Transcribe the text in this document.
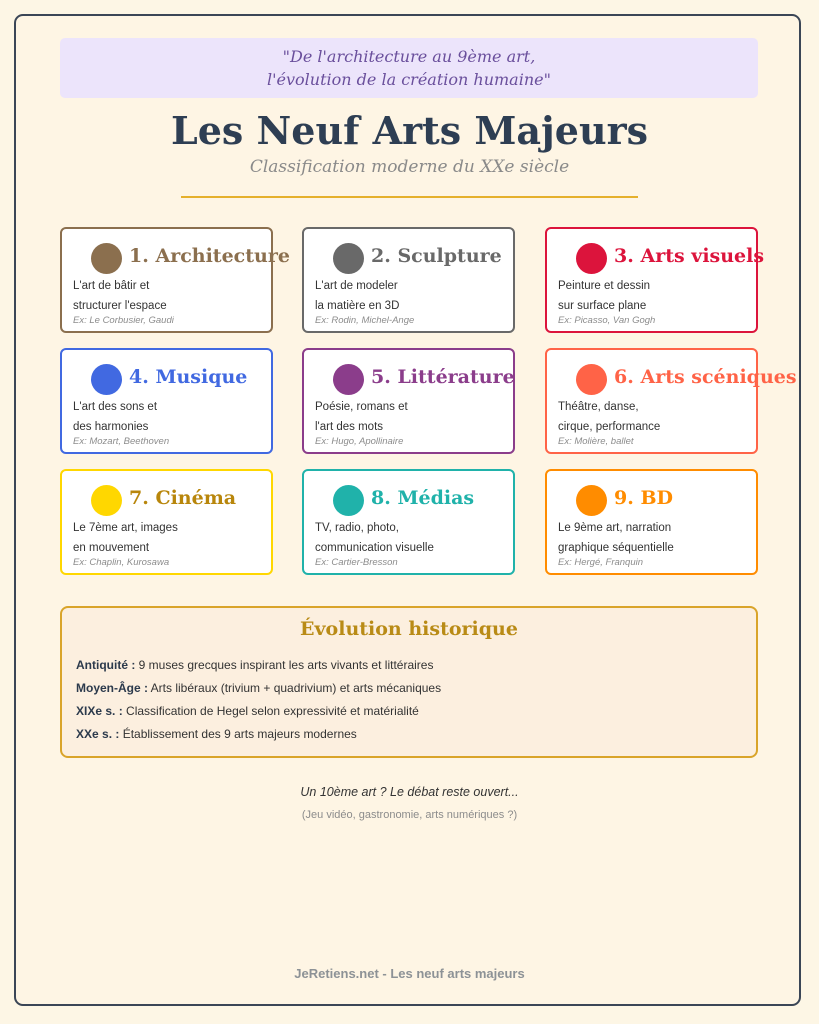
"De l'architecture au 9ème art,
l'évolution de la création humaine"
Les Neuf Arts Majeurs
Classification moderne du XXe siècle
1. Architecture
L'art de bâtir et
structurer l'espace
Ex: Le Corbusier, Gaudi
2. Sculpture
L'art de modeler
la matière en 3D
Ex: Rodin, Michel-Ange
3. Arts visuels
Peinture et dessin
sur surface plane
Ex: Picasso, Van Gogh
4. Musique
L'art des sons et
des harmonies
Ex: Mozart, Beethoven
5. Littérature
Poésie, romans et
l'art des mots
Ex: Hugo, Apollinaire
6. Arts scéniques
Théâtre, danse,
cirque, performance
Ex: Molière, ballet
7. Cinéma
Le 7ème art, images
en mouvement
Ex: Chaplin, Kurosawa
8. Médias
TV, radio, photo,
communication visuelle
Ex: Cartier-Bresson
9. BD
Le 9ème art, narration
graphique séquentielle
Ex: Hergé, Franquin
Évolution historique
Antiquité : 9 muses grecques inspirant les arts vivants et littéraires
Moyen-Âge : Arts libéraux (trivium + quadrivium) et arts mécaniques
XIXe s. : Classification de Hegel selon expressivité et matérialité
XXe s. : Établissement des 9 arts majeurs modernes
Un 10ème art ? Le débat reste ouvert...
(Jeu vidéo, gastronomie, arts numériques ?)
JeRetiens.net - Les neuf arts majeurs
